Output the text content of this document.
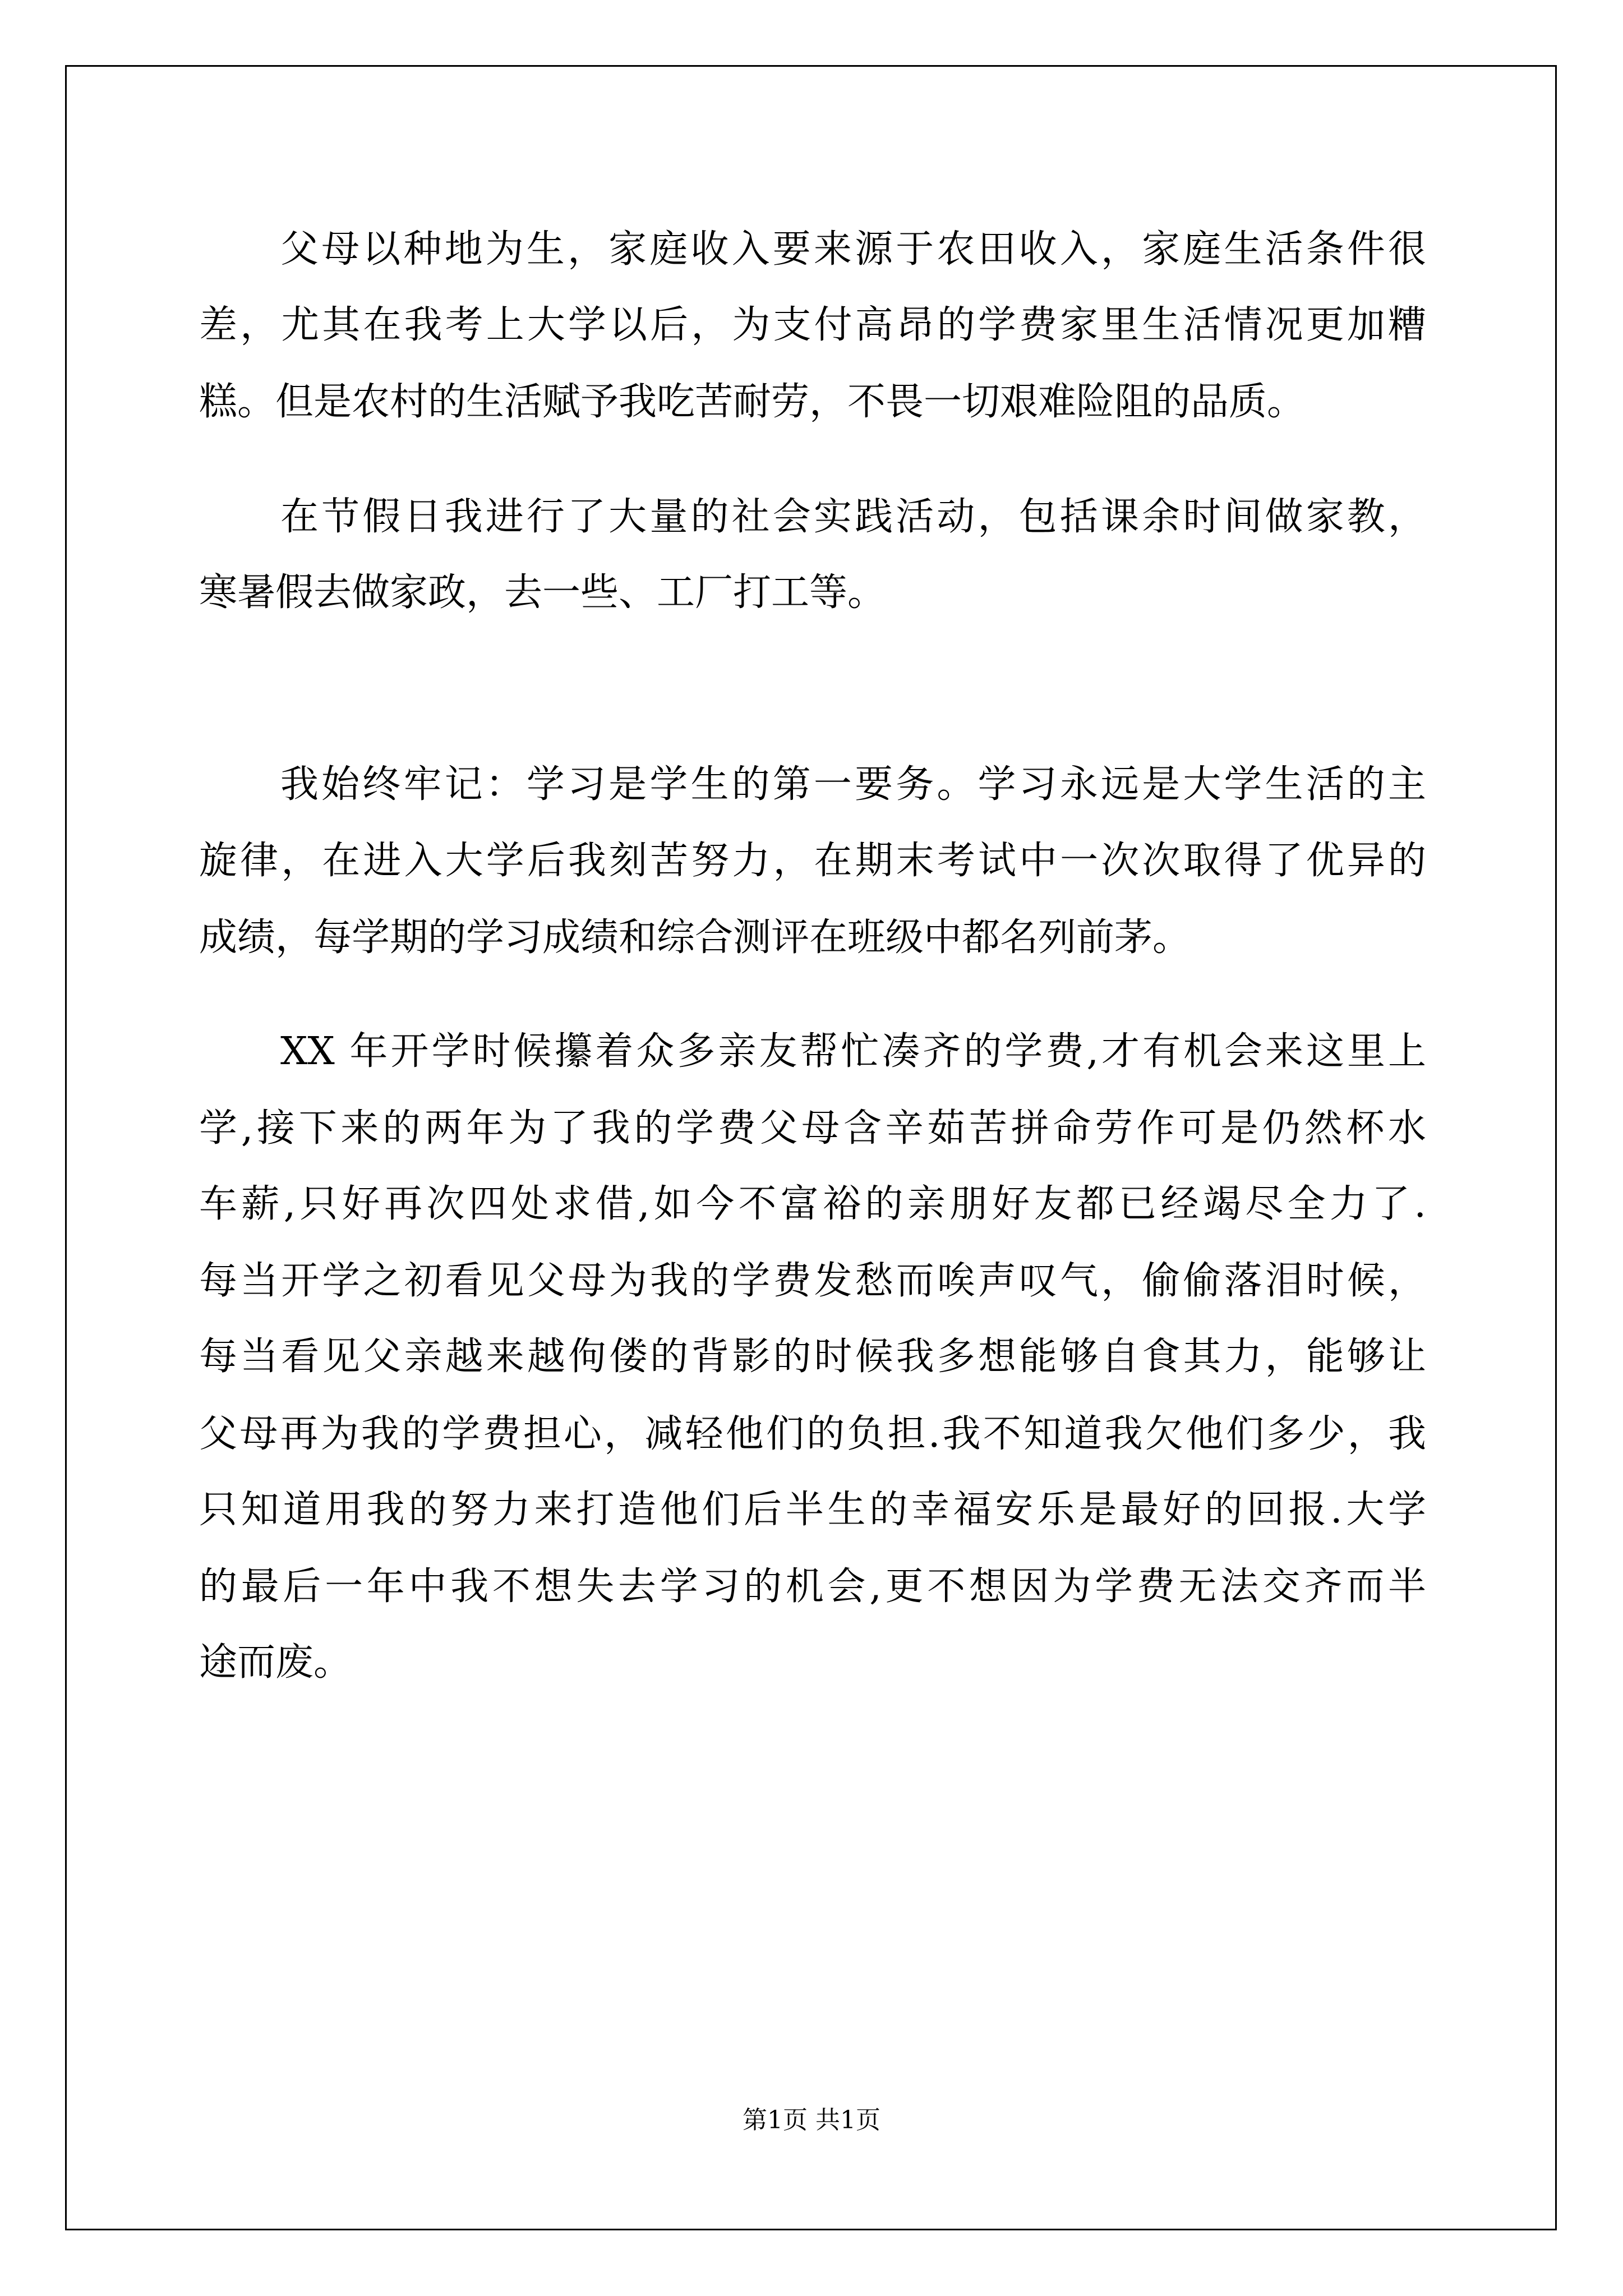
父母以种地为生，家庭收入要来源于农田收入，家庭生活条件很
差，尤其在我考上大学以后，为支付高昂的学费家里生活情况更加糟
糕。但是农村的生活赋予我吃苦耐劳，不畏一切艰难险阻的品质。
在节假日我进行了大量的社会实践活动，包括课余时间做家教，
寒暑假去做家政，去一些、工厂打工等。
我始终牢记：学习是学生的第一要务。学习永远是大学生活的主
旋律，在进入大学后我刻苦努力，在期末考试中一次次取得了优异的
成绩，每学期的学习成绩和综合测评在班级中都名列前茅。
XX 年开学时候攥着众多亲友帮忙凑齐的学费,才有机会来这里上
学,接下来的两年为了我的学费父母含辛茹苦拼命劳作可是仍然杯水
车薪,只好再次四处求借,如今不富裕的亲朋好友都已经竭尽全力了.
每当开学之初看见父母为我的学费发愁而唉声叹气，偷偷落泪时候，
每当看见父亲越来越佝偻的背影的时候我多想能够自食其力，能够让
父母再为我的学费担心，减轻他们的负担.我不知道我欠他们多少，我
只知道用我的努力来打造他们后半生的幸福安乐是最好的回报.大学
的最后一年中我不想失去学习的机会,更不想因为学费无法交齐而半
途而废。
第1页 共1页
